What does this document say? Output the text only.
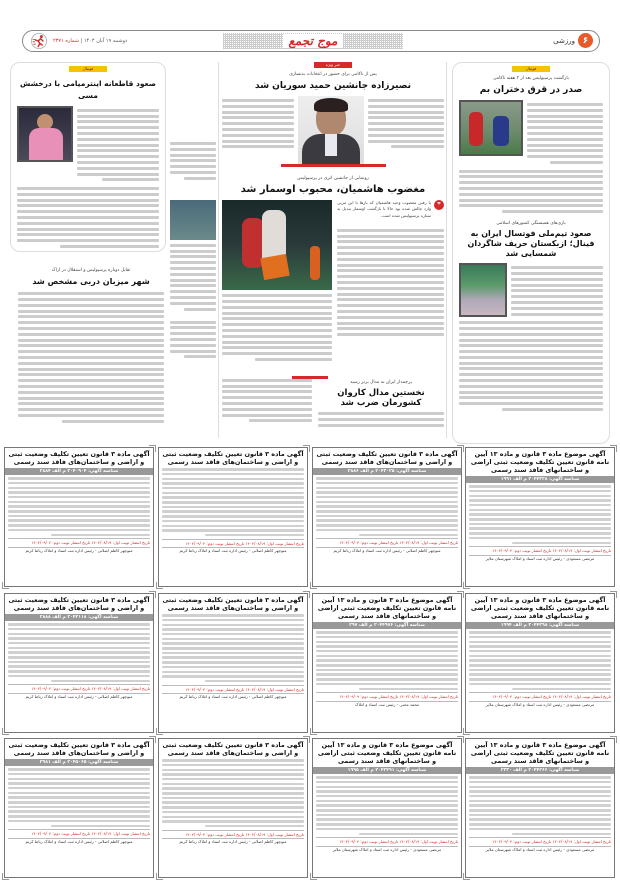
۶
ورزشی
موج تجمع
دوشنبه ۱۹ آبان ۱۴۰۴ | شماره ۲۳۷۱
فوتبال
بازگشت پرسپولیس بعد از ۳ هفته ناکامی
صدر در قرق دختران بم
بازی‌های همبستگی کشورهای اسلامی
صعود تیم‌ملی فوتسال ایران به فینال؛ ازبکستان حریف شاگردان شمسایی شد
خبر ویژه
پس از ناکامی برای حضور در انتخابات بدنسازی
نصیرزاده جانشین حمید سوریان شد
رونمایی از جانشین اتزی در پرسپولیس
مغضوب هاشمیان، محبوب اوسمار شد
❞
با رفتن مغضوب وحید هاشمیان که بارها با این مربی وارد چالش شده بود حالا با بازگشت اوسمار تبدیل به ستاره پرسپولیس شده است.
پرچمدار ایران به مدال برنز رسید
نخستین مدال کاروان کشورمان ضرب شد
فوتبال
صعود قاطعانه اینترمیامی با درخشش مسی
تقابل دوباره پرسپولیس و استقلال در اراک
شهر میزبان دربی مشخص شد
آگهی موضوع ماده ۳ قانون و ماده ۱۳ آیین نامه قانون تعیین تکلیف وضعیت ثبتی اراضی و ساختمانهای فاقد سند رسمی
شناسه آگهی: ۲۰۴۴۳۲۸ م الف ۱۹۹۱
تاریخ انتشار نوبت اول: ۱۴۰۴/۰۸/۱۹ تاریخ انتشار نوبت دوم: ۱۴۰۴/۰۹/۰۴
مرتضی مسعودی - رئیس اداره ثبت اسناد و املاک شهرستان ملایر
آگهی ماده ۳ قانون تعیین تکلیف وضعیت ثبتی و اراضی و ساختمان‌های فاقد سند رسمی
شناسه آگهی: ۲۰۴۳۰۲۵ م الف ۲۸۸۶
تاریخ انتشار نوبت اول: ۱۴۰۴/۰۸/۱۹ تاریخ انتشار نوبت دوم: ۱۴۰۴/۰۹/۰۴
منوچهر کاظم اصلانی - رئیس اداره ثبت اسناد و املاک رباط کریم
آگهی ماده ۳ قانون تعیین تکلیف وضعیت ثبتی و اراضی و ساختمان‌های فاقد سند رسمی
تاریخ انتشار نوبت اول: ۱۴۰۴/۰۸/۱۹ تاریخ انتشار نوبت دوم: ۱۴۰۴/۰۹/۰۴
منوچهر کاظم اصلانی - رئیس اداره ثبت اسناد و املاک رباط کریم
آگهی ماده ۳ قانون تعیین تکلیف وضعیت ثبتی و اراضی و ساختمان‌های فاقد سند رسمی
شناسه آگهی: ۲۰۴۰۹۰۴ م الف ۲۸۸۴
تاریخ انتشار نوبت اول: ۱۴۰۴/۰۸/۱۹ تاریخ انتشار نوبت دوم: ۱۴۰۴/۰۹/۰۴
منوچهر کاظم اصلانی - رئیس اداره ثبت اسناد و املاک رباط کریم
آگهی موضوع ماده ۳ قانون و ماده ۱۳ آیین نامه قانون تعیین تکلیف وضعیت ثبتی اراضی و ساختمانهای فاقد سند رسمی
شناسه آگهی: ۲۰۴۴۲۹۸ م الف ۱۹۹۴
تاریخ انتشار نوبت اول: ۱۴۰۴/۰۸/۱۹ تاریخ انتشار نوبت دوم: ۱۴۰۴/۰۹/۰۴
مرتضی مسعودی - رئیس اداره ثبت اسناد و املاک شهرستان ملایر
آگهی موضوع ماده ۳ قانون و ماده ۱۳ آیین نامه قانون تعیین تکلیف وضعیت ثبتی اراضی و ساختمانهای فاقد سند رسمی
شناسه آگهی: ۲۰۴۴۹۷۶ م الف ۲۹۷
تاریخ انتشار نوبت اول: ۱۴۰۴/۰۸/۱۹ تاریخ انتشار نوبت دوم: ۱۴۰۴/۰۹/۰۹
محمد محبی - رئیس ثبت اسناد و املاک
آگهی ماده ۳ قانون تعیین تکلیف وضعیت ثبتی و اراضی و ساختمان‌های فاقد سند رسمی
تاریخ انتشار نوبت اول: ۱۴۰۴/۰۸/۱۹ تاریخ انتشار نوبت دوم: ۱۴۰۴/۰۹/۰۴
منوچهر کاظم اصلانی - رئیس اداره ثبت اسناد و املاک رباط کریم
آگهی ماده ۳ قانون تعیین تکلیف وضعیت ثبتی و اراضی و ساختمان‌های فاقد سند رسمی
شناسه آگهی: ۲۰۴۲۱۱۸ م الف ۲۸۸۸
تاریخ انتشار نوبت اول: ۱۴۰۴/۰۸/۱۹ تاریخ انتشار نوبت دوم: ۱۴۰۴/۰۹/۰۴
منوچهر کاظم اصلانی - رئیس اداره ثبت اسناد و املاک رباط کریم
آگهی موضوع ماده ۳ قانون و ماده ۱۳ آیین نامه قانون تعیین تکلیف وضعیت ثبتی اراضی و ساختمانهای فاقد سند رسمی
شناسه آگهی: ۲۰۴۴۲۶۶ م الف ۲۳۳۰
تاریخ انتشار نوبت اول: ۱۴۰۴/۰۸/۱۹ تاریخ انتشار نوبت دوم: ۱۴۰۴/۰۹/۰۴
مرتضی مسعودی - رئیس اداره ثبت اسناد و املاک شهرستان ملایر
آگهی موضوع ماده ۳ قانون و ماده ۱۳ آیین نامه قانون تعیین تکلیف وضعیت ثبتی اراضی و ساختمانهای فاقد سند رسمی
شناسه آگهی: ۲۰۴۲۴۹۱ م الف ۱۹۹۵
تاریخ انتشار نوبت اول: ۱۴۰۴/۰۸/۱۹ تاریخ انتشار نوبت دوم: ۱۴۰۴/۰۹/۰۴
مرتضی مسعودی - رئیس اداره ثبت اسناد و املاک شهرستان ملایر
آگهی ماده ۳ قانون تعیین تکلیف وضعیت ثبتی و اراضی و ساختمان‌های فاقد سند رسمی
تاریخ انتشار نوبت اول: ۱۴۰۴/۰۸/۱۹ تاریخ انتشار نوبت دوم: ۱۴۰۴/۰۹/۰۴
منوچهر کاظم اصلانی - رئیس اداره ثبت اسناد و املاک رباط کریم
آگهی ماده ۳ قانون تعیین تکلیف وضعیت ثبتی و اراضی و ساختمان‌های فاقد سند رسمی
شناسه آگهی: ۲۰۴۵۰۶۵ م الف ۲۹۸۱
تاریخ انتشار نوبت اول: ۱۴۰۴/۰۸/۱۹ تاریخ انتشار نوبت دوم: ۱۴۰۴/۰۹/۰۴
منوچهر کاظم اصلانی - رئیس اداره ثبت اسناد و املاک رباط کریم
